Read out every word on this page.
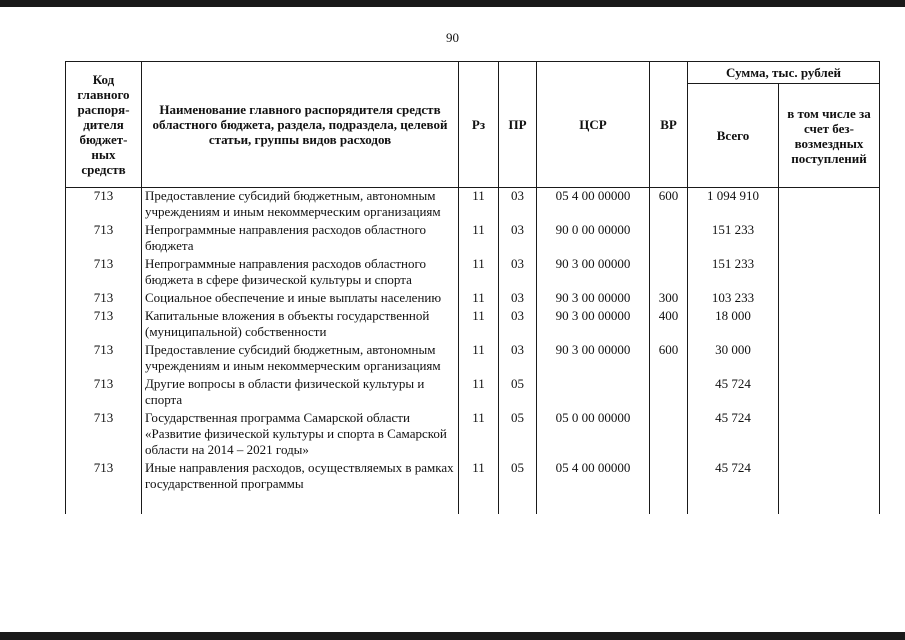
90
Код главного распоря-дителя бюджет-ных средств	Наименование главного распорядителя средств областного бюджета, раздела, подраздела, целевой статьи, группы видов расходов	Рз	ПР	ЦСР	ВР	Сумма, тыс. рублей	
						Всего	в том числе за счет без-возмездных поступлений
713	Предоставление субсидий бюджетным, автономным учреждениям и иным некоммерческим организациям	11	03	05 4 00 00000	600	1 094 910	
713	Непрограммные направления расходов областного бюджета	11	03	90 0 00 00000		151 233	
713	Непрограммные направления расходов областного бюджета в сфере физической культуры и спорта	11	03	90 3 00 00000		151 233	
713	Социальное обеспечение и иные выплаты населению	11	03	90 3 00 00000	300	103 233	
713	Капитальные вложения в объекты государственной (муниципальной) собственности	11	03	90 3 00 00000	400	18 000	
713	Предоставление субсидий бюджетным, автономным учреждениям и иным некоммерческим организациям	11	03	90 3 00 00000	600	30 000	
713	Другие вопросы в области физической культуры и спорта	11	05			45 724	
713	Государственная программа Самарской области «Развитие физической культуры и спорта в Самарской области на 2014 – 2021 годы»	11	05	05 0 00 00000		45 724	
713	Иные направления расходов, осуществляемых в рамках государственной программы	11	05	05 4 00 00000		45 724	
